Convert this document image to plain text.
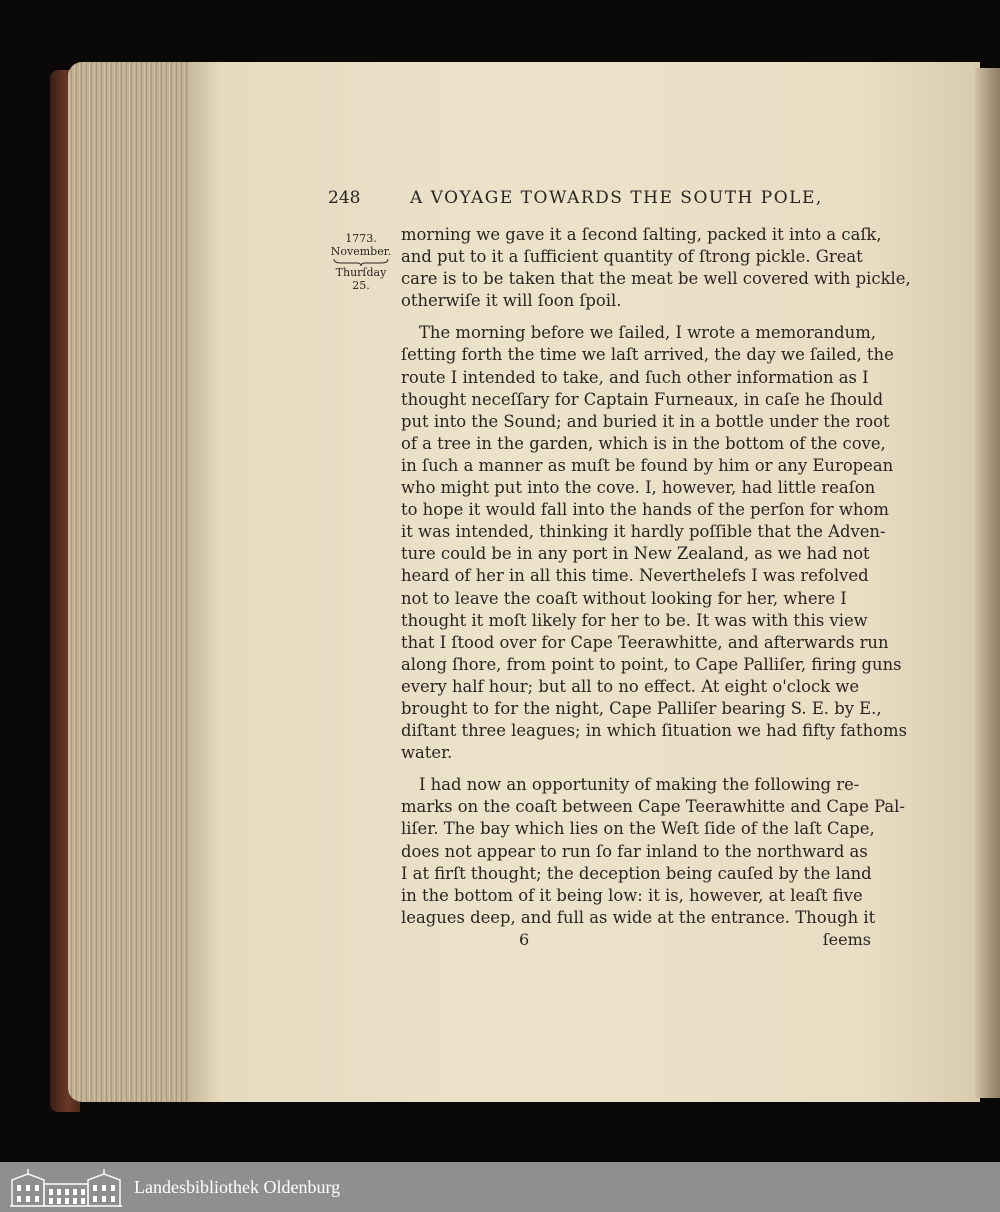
248	A VOYAGE TOWARDS THE SOUTH POLE,
1773.
November.
Thurſday 25.
morning we gave it a ſecond ſalting, packed it into a caſk,
and put to it a ſufficient quantity of ſtrong pickle. Great
care is to be taken that the meat be well covered with pickle,
otherwiſe it will ſoon ſpoil.
The morning before we ſailed, I wrote a memorandum,
ſetting forth the time we laſt arrived, the day we ſailed, the
route I intended to take, and ſuch other information as I
thought neceſſary for Captain Furneaux, in caſe he ſhould
put into the Sound; and buried it in a bottle under the root
of a tree in the garden, which is in the bottom of the cove,
in ſuch a manner as muſt be found by him or any European
who might put into the cove. I, however, had little reaſon
to hope it would fall into the hands of the perſon for whom
it was intended, thinking it hardly poſſible that the Adven-
ture could be in any port in New Zealand, as we had not
heard of her in all this time. Neverthelefs I was refolved
not to leave the coaſt without looking for her, where I
thought it moſt likely for her to be. It was with this view
that I ſtood over for Cape Teerawhitte, and afterwards run
along ſhore, from point to point, to Cape Palliſer, firing guns
every half hour; but all to no effect. At eight o'clock we
brought to for the night, Cape Palliſer bearing S. E. by E.,
diſtant three leagues; in which ſituation we had fifty fathoms
water.
I had now an opportunity of making the following re-
marks on the coaſt between Cape Teerawhitte and Cape Pal-
liſer. The bay which lies on the Weſt ſide of the laſt Cape,
does not appear to run ſo far inland to the northward as
I at firſt thought; the deception being cauſed by the land
in the bottom of it being low: it is, however, at leaſt five
leagues deep, and full as wide at the entrance. Though it
6	ſeems
Landesbibliothek Oldenburg
